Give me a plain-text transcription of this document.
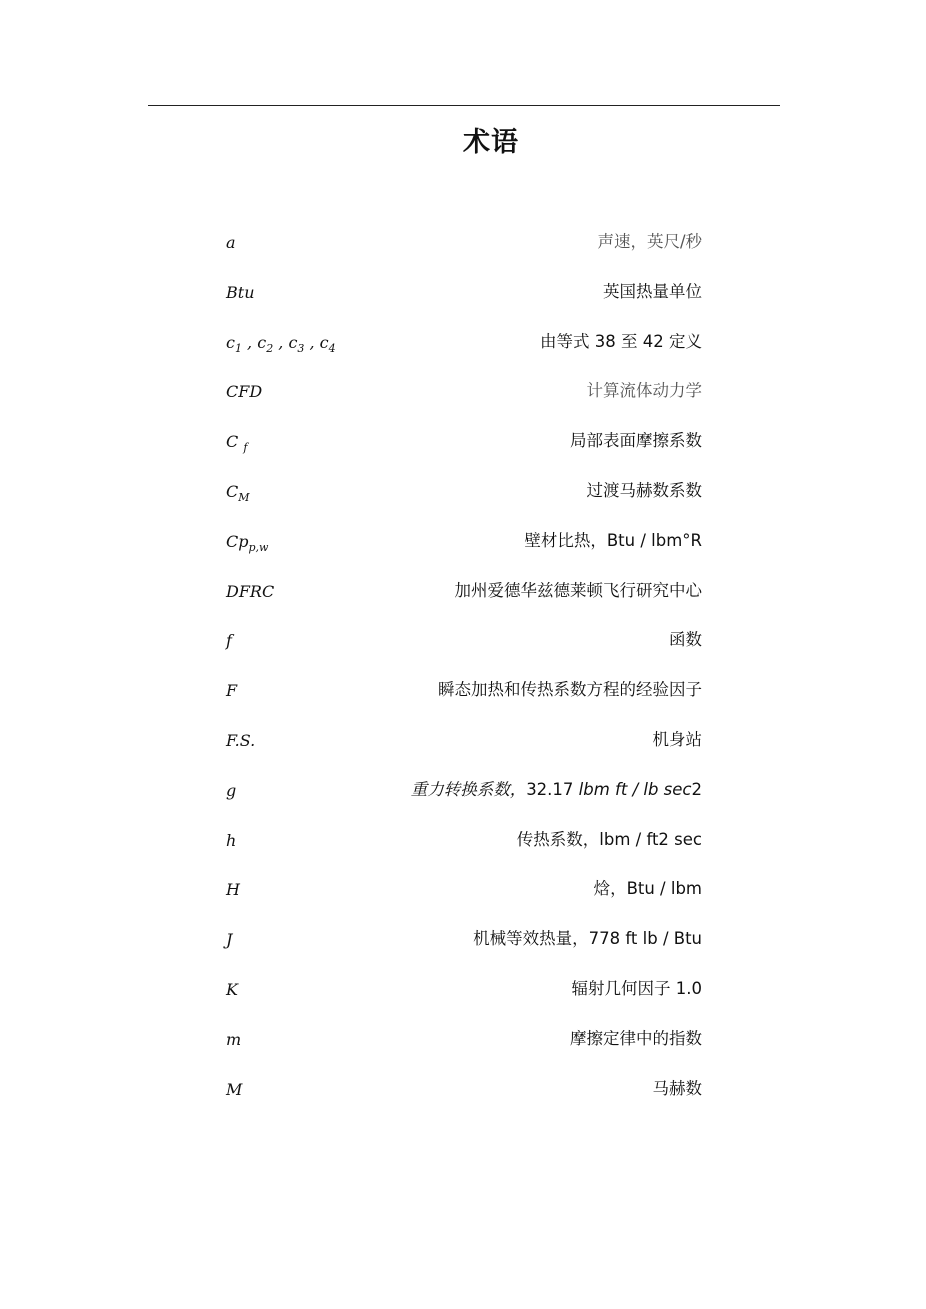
术语
a	声速，英尺/秒
Btu	英国热量单位
$c_1$ , $c_2$ , $c_3$ , $c_4$	由等式 38 至 42 定义
CFD	计算流体动力学
C $_f$	局部表面摩擦系数
$C_M$	过渡马赫数系数
$Cp_{p,w}$	壁材比热，Btu / lbm°R
DFRC	加州爱德华兹德莱顿飞行研究中心
f	函数
F	瞬态加热和传热系数方程的经验因子
F.S.	机身站
g	重力转换系数，32.17 lbm ft / lb sec2
h	传热系数，lbm / ft2 sec
H	焓，Btu / lbm
J	机械等效热量，778 ft lb / Btu
K	辐射几何因子 1.0
m	摩擦定律中的指数
M	马赫数
